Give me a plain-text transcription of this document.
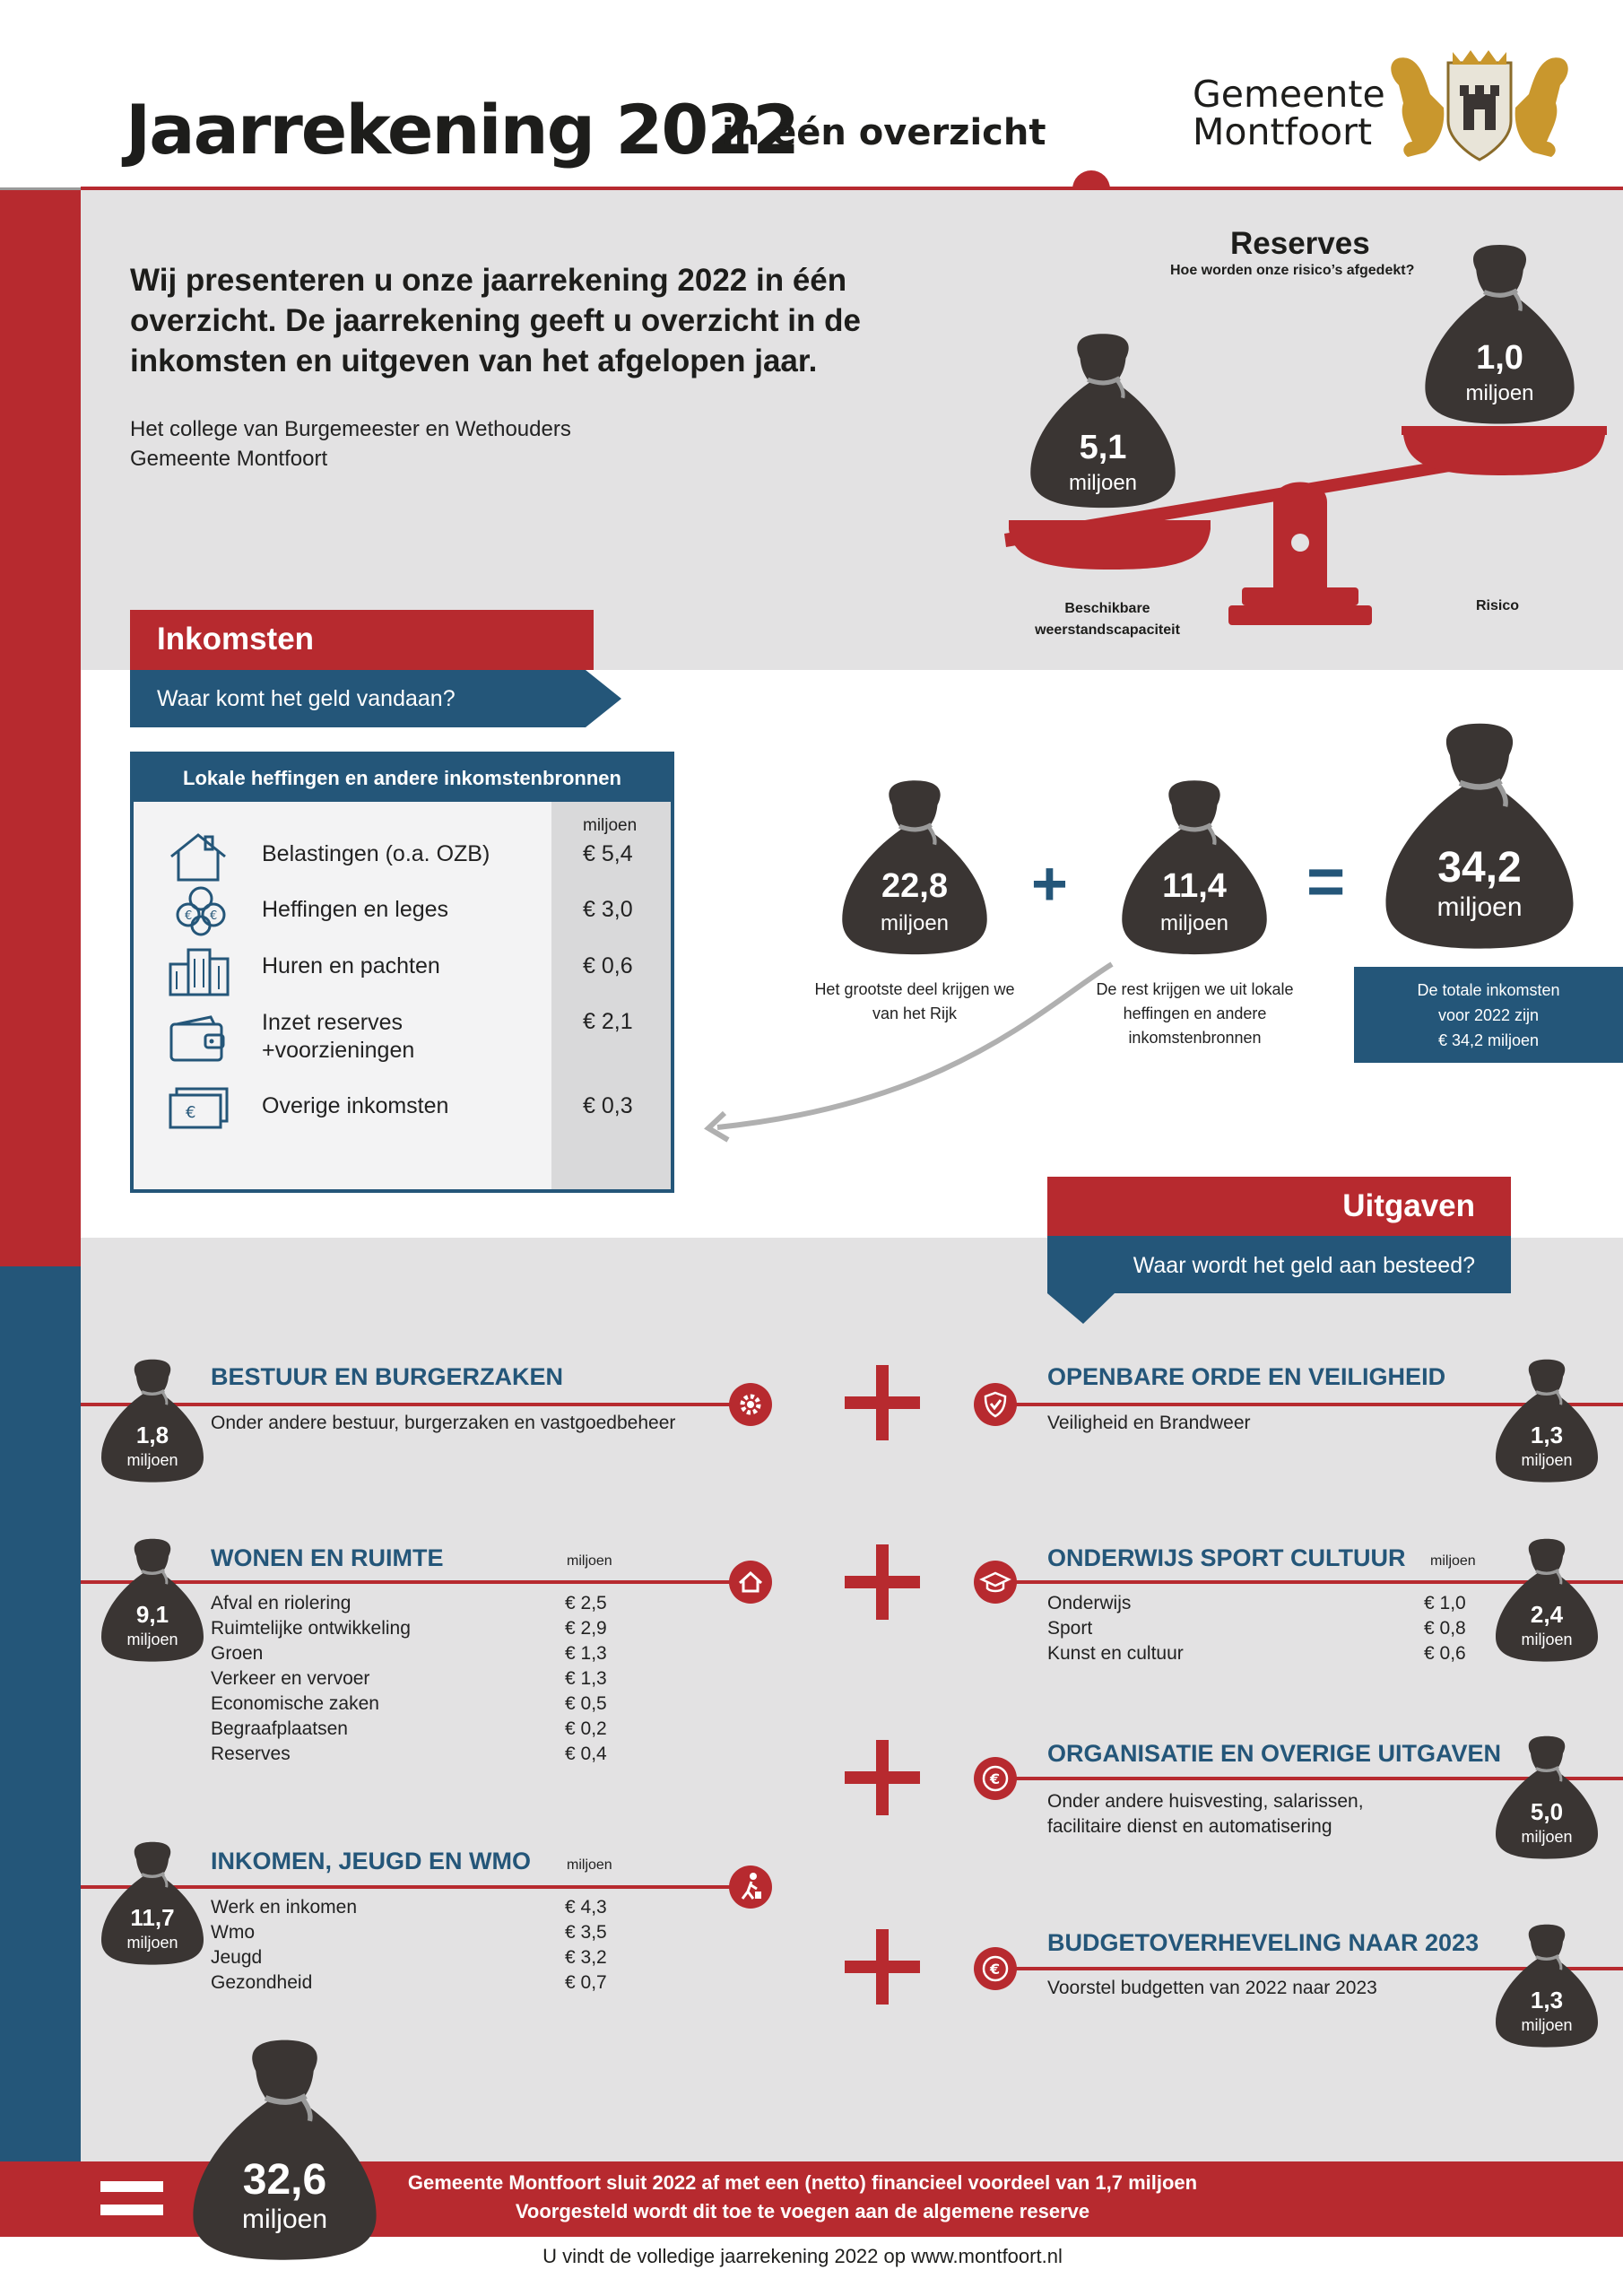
Jaarrekening 2022
in één overzicht
Gemeente
Montfoort
Wij presenteren u onze jaarrekening 2022 in één overzicht. De jaarrekening geeft u overzicht in de inkomsten en uitgeven van het afgelopen jaar.
Het college van Burgemeester en Wethouders
Gemeente Montfoort
Reserves
Hoe worden onze risico’s afgedekt?
5,1
miljoen
1,0
miljoen
Beschikbare
weerstandscapaciteit
Risico
Inkomsten
Waar komt het geld vandaan?
Lokale heffingen en andere inkomstenbronnen
miljoen
€ €
€
Belastingen (o.a. OZB)	€ 5,4
Heffingen en leges	€ 3,0
Huren en pachten	€ 0,6
Inzet reserves
+voorzieningen
€ 2,1
Overige inkomsten	€ 0,3
22,8
miljoen
+	11,4
miljoen
=	34,2
miljoen
Het grootste deel krijgen we van het Rijk
De rest krijgen we uit lokale heffingen en andere inkomstenbronnen
De totale inkomsten
voor 2022 zijn
€ 34,2 miljoen
Uitgaven
Waar wordt het geld aan besteed?
€
€
1,8
miljoen
9,1
miljoen
11,7
miljoen
1,3
miljoen
2,4
miljoen
5,0
miljoen
1,3
miljoen
BESTUUR EN BURGERZAKEN
Onder andere bestuur, burgerzaken en vastgoedbeheer
WONEN EN RUIMTE	miljoen
Afval en riolering	€ 2,5
Ruimtelijke ontwikkeling	€ 2,9
Groen	€ 1,3
Verkeer en vervoer	€ 1,3
Economische zaken	€ 0,5
Begraafplaatsen	€ 0,2
Reserves	€ 0,4
INKOMEN, JEUGD EN WMO miljoen
Werk en inkomen	€ 4,3
Wmo	€ 3,5
Jeugd	€ 3,2
Gezondheid	€ 0,7
OPENBARE ORDE EN VEILIGHEID
Veiligheid en Brandweer
ONDERWIJS SPORT CULTUUR miljoen
Onderwijs	€ 1,0
Sport	€ 0,8
Kunst en cultuur	€ 0,6
ORGANISATIE EN OVERIGE UITGAVEN
Onder andere huisvesting, salarissen, facilitaire dienst en automatisering
BUDGETOVERHEVELING NAAR 2023
Voorstel budgetten van 2022 naar 2023
32,6
miljoen
Gemeente Montfoort sluit 2022 af met een (netto) financieel voordeel van 1,7 miljoen
Voorgesteld wordt dit toe te voegen aan de algemene reserve
U vindt de volledige jaarrekening 2022 op www.montfoort.nl
